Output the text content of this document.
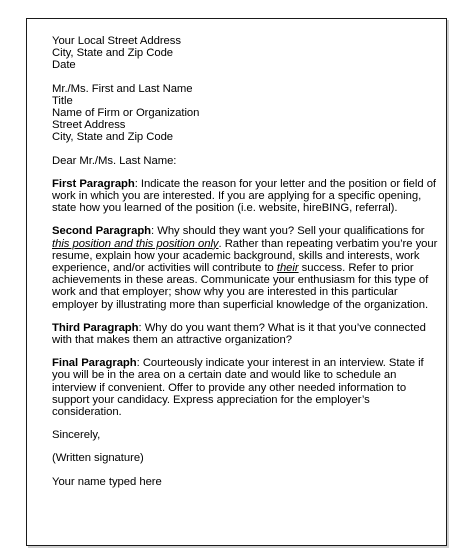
Your Local Street Address
City, State and Zip Code
Date
Mr./Ms. First and Last Name
Title
Name of Firm or Organization
Street Address
City, State and Zip Code
Dear Mr./Ms. Last Name:
First Paragraph: Indicate the reason for your letter and the position or field of
work in which you are interested. If you are applying for a specific opening,
state how you learned of the position (i.e. website, hireBING, referral).
Second Paragraph: Why should they want you? Sell your qualifications for
this position and this position only. Rather than repeating verbatim you’re your
resume, explain how your academic background, skills and interests, work
experience, and/or activities will contribute to their success. Refer to prior
achievements in these areas. Communicate your enthusiasm for this type of
work and that employer; show why you are interested in this particular
employer by illustrating more than superficial knowledge of the organization.
Third Paragraph: Why do you want them? What is it that you’ve connected
with that makes them an attractive organization?
Final Paragraph: Courteously indicate your interest in an interview. State if
you will be in the area on a certain date and would like to schedule an
interview if convenient. Offer to provide any other needed information to
support your candidacy. Express appreciation for the employer’s
consideration.
Sincerely,
(Written signature)
Your name typed here
